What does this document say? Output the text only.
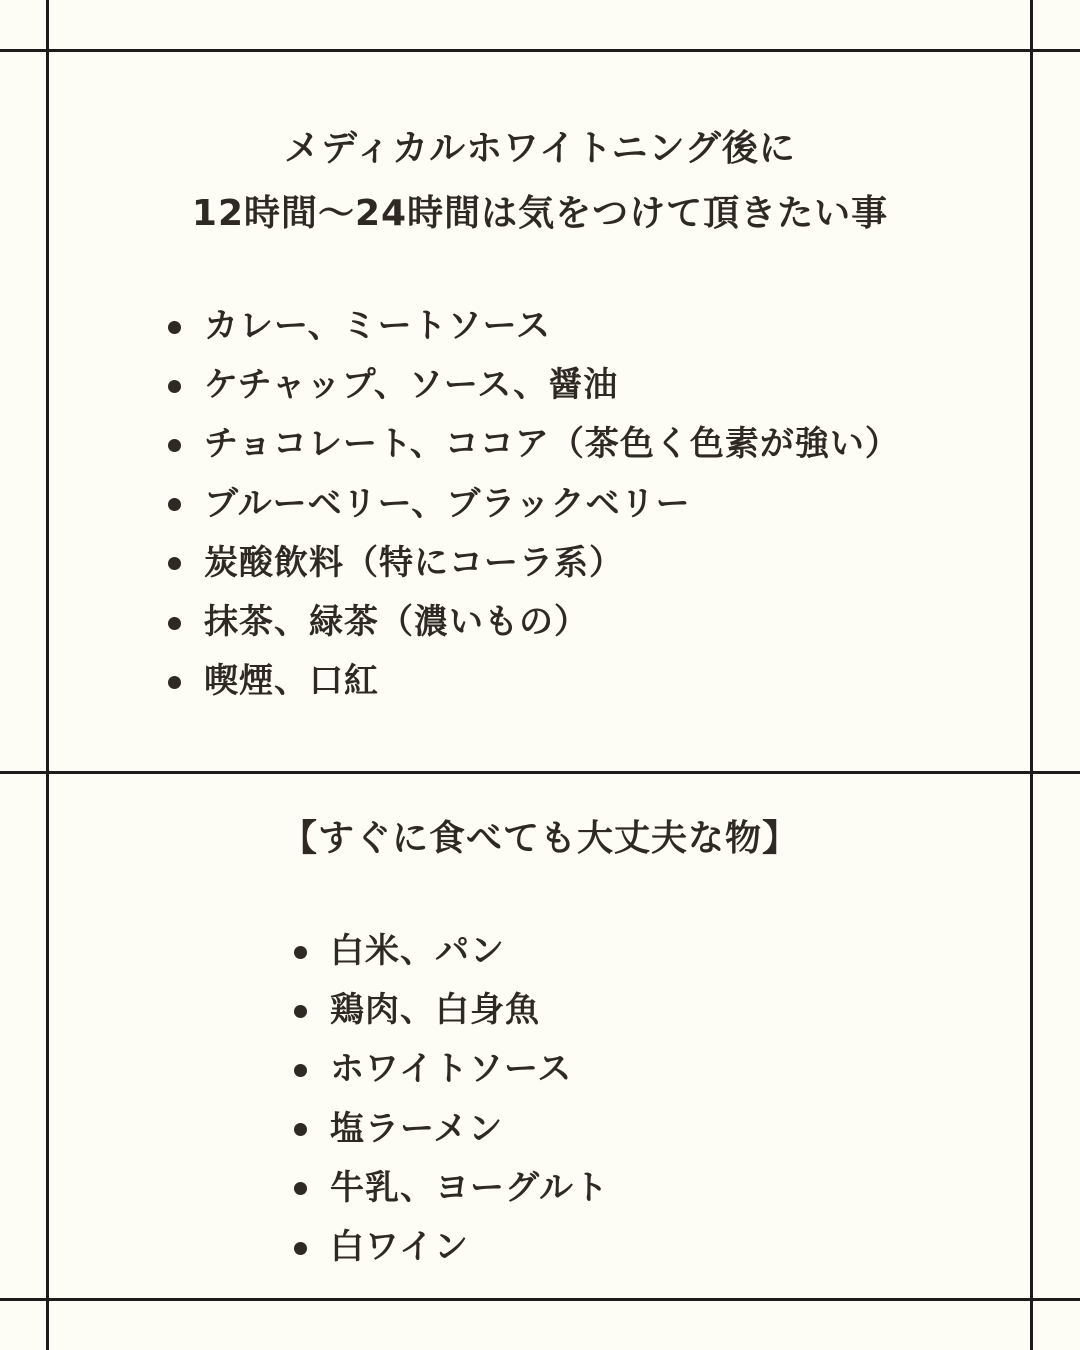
メディカルホワイトニング後に
12時間〜24時間は気をつけて頂きたい事
カレー、ミートソース
ケチャップ、ソース、醤油
チョコレート、ココア（茶色く色素が強い）
ブルーベリー、ブラックベリー
炭酸飲料（特にコーラ系）
抹茶、緑茶（濃いもの）
喫煙、口紅
【すぐに食べても大丈夫な物】
白米、パン
鶏肉、白身魚
ホワイトソース
塩ラーメン
牛乳、ヨーグルト
白ワイン
